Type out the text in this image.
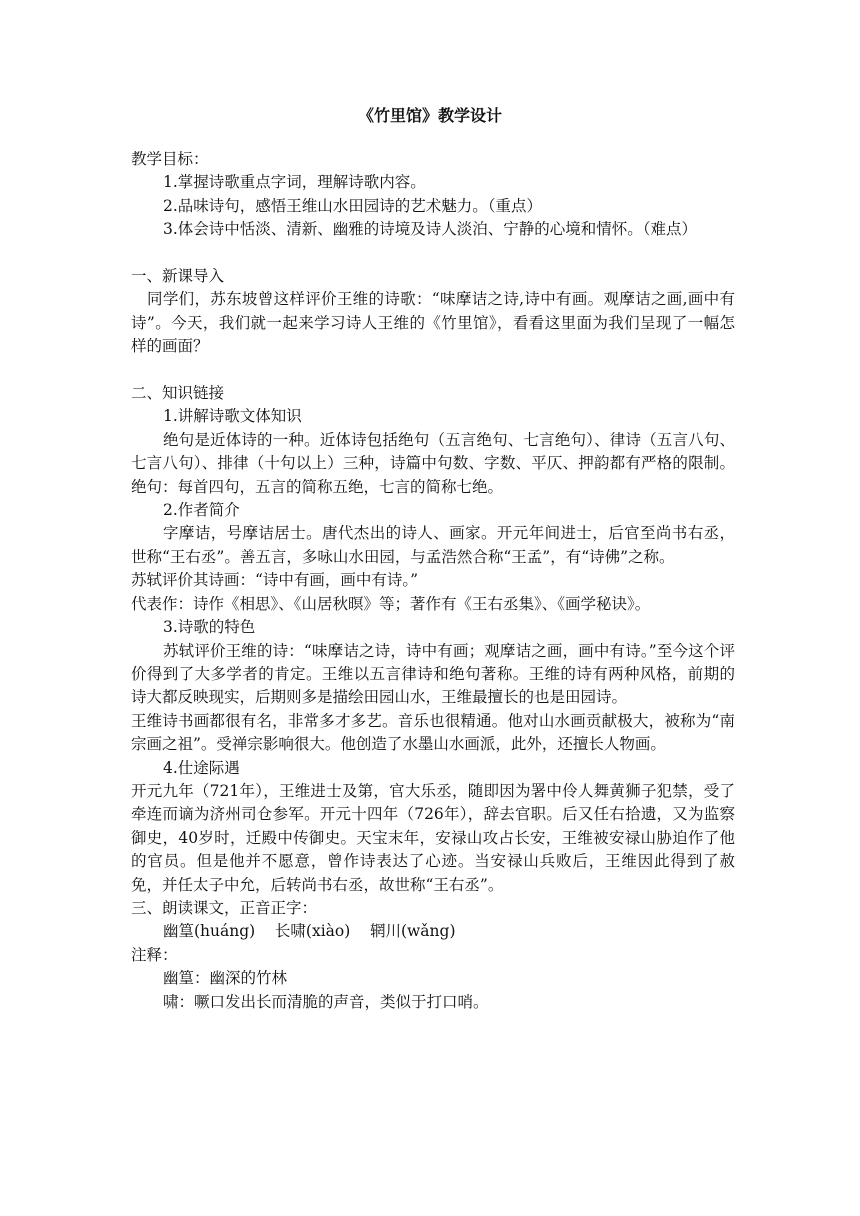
《竹里馆》教学设计

教学目标：

1.掌握诗歌重点字词，理解诗歌内容。

2.品味诗句，感悟王维山水田园诗的艺术魅力。（重点）

3.体会诗中恬淡、清新、幽雅的诗境及诗人淡泊、宁静的心境和情怀。（难点）

一、新课导入

同学们，苏东坡曾这样评价王维的诗歌：“味摩诘之诗,诗中有画。观摩诘之画,画中有诗”。今天，我们就一起来学习诗人王维的《竹里馆》，看看这里面为我们呈现了一幅怎样的画面？

二、知识链接

1.讲解诗歌文体知识

绝句是近体诗的一种。近体诗包括绝句（五言绝句、七言绝句）、律诗（五言八句、七言八句）、排律（十句以上）三种，诗篇中句数、字数、平仄、押韵都有严格的限制。绝句：每首四句，五言的简称五绝，七言的简称七绝。

2.作者简介

字摩诘，号摩诘居士。唐代杰出的诗人、画家。开元年间进士，后官至尚书右丞，世称“王右丞”。善五言，多咏山水田园，与孟浩然合称“王孟”，有“诗佛”之称。

苏轼评价其诗画：“诗中有画，画中有诗。”

代表作：诗作《相思》、《山居秋暝》等；著作有《王右丞集》、《画学秘诀》。

3.诗歌的特色

苏轼评价王维的诗：“味摩诘之诗，诗中有画；观摩诘之画，画中有诗。”至今这个评价得到了大多学者的肯定。王维以五言律诗和绝句著称。王维的诗有两种风格，前期的诗大都反映现实，后期则多是描绘田园山水，王维最擅长的也是田园诗。

王维诗书画都很有名，非常多才多艺。音乐也很精通。他对山水画贡献极大，被称为“南宗画之祖”。受禅宗影响很大。他创造了水墨山水画派，此外，还擅长人物画。

4.仕途际遇

开元九年（721年），王维进士及第，官大乐丞，随即因为署中伶人舞黄狮子犯禁，受了牵连而谪为济州司仓参军。开元十四年（726年），辞去官职。后又任右拾遗，又为监察御史，40岁时，迁殿中传御史。天宝末年，安禄山攻占长安，王维被安禄山胁迫作了他的官员。但是他并不愿意，曾作诗表达了心迹。当安禄山兵败后，王维因此得到了赦免，并任太子中允，后转尚书右丞，故世称“王右丞”。

三、朗读课文，正音正字：

幽篁(huáng)    长啸(xiào)    辋川(wǎng)

注释：

幽篁：幽深的竹林

啸：噘口发出长而清脆的声音，类似于打口哨。
